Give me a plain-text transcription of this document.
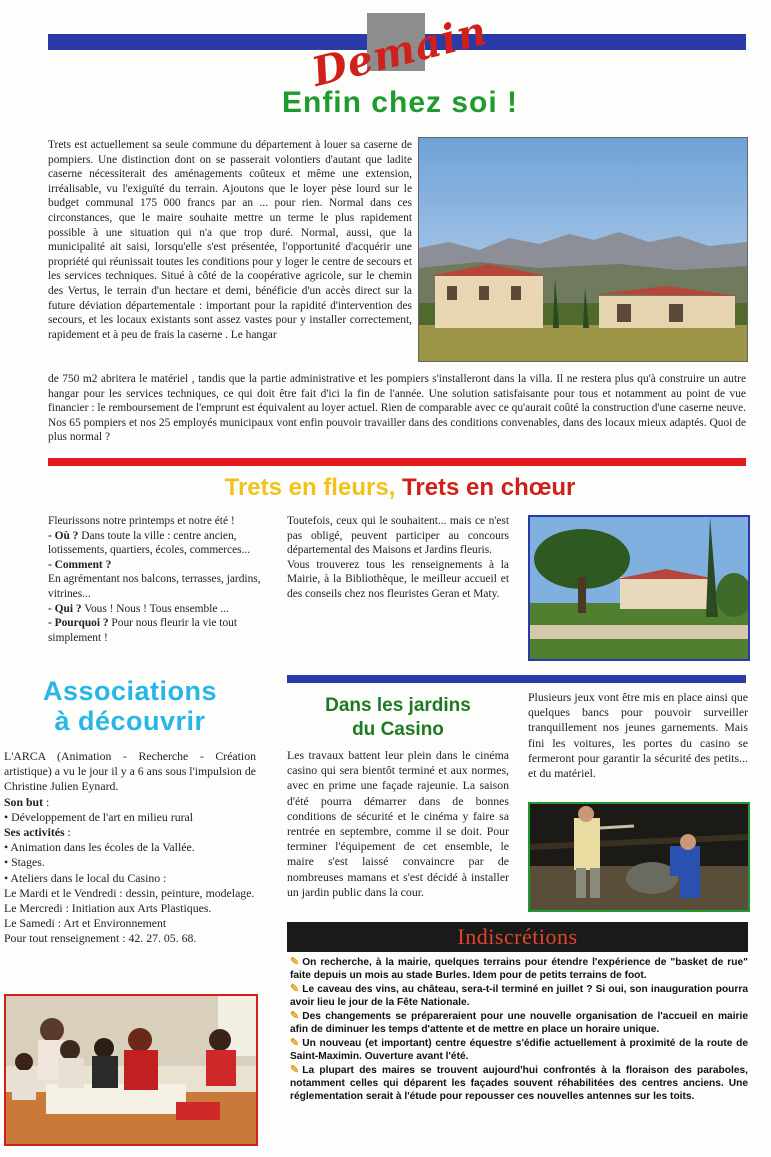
Demain
Enfin chez soi !
Trets est actuellement sa seule commune du département à louer sa caserne de pompiers. Une distinction dont on se passerait volontiers d'autant que ladite caserne nécessiterait des aménagements coûteux et même une extension, irréalisable, vu l'exiguïté du terrain. Ajoutons que le loyer pèse lourd sur le budget communal 175 000 francs par an ... pour rien. Normal dans ces circonstances, que le maire souhaite mettre un terme le plus rapidement possible à une situation qui n'a que trop duré. Normal, aussi, que la municipalité ait saisi, lorsqu'elle s'est présentée, l'opportunité d'acquérir une propriété qui réunissait toutes les conditions pour y loger le centre de secours et les services techniques. Situé à côté de la coopérative agricole, sur le chemin des Vertus, le terrain d'un hectare et demi, bénéficie d'un accès direct sur la future déviation départementale : important pour la rapidité d'intervention des secours, et les locaux existants sont assez vastes pour y installer correctement, rapidement et à peu de frais la caserne . Le hangar
de 750 m2 abritera le matériel , tandis que la partie administrative et les pompiers s'installeront dans la villa. Il ne restera plus qu'à construire un autre hangar pour les services techniques, ce qui doit être fait d'ici la fin de l'année. Une solution satisfaisante pour tous et notamment au point de vue financier : le remboursement de l'emprunt est équivalent au loyer actuel. Rien de comparable avec ce qu'aurait coûté la construction d'une caserne neuve. Nos 65 pompiers et nos 25 employés municipaux vont enfin pouvoir travailler dans des conditions convenables, dans des locaux mieux adaptés. Quoi de plus normal ?
Trets en fleurs, Trets en chœur
Fleurissons notre printemps et notre été !
- Où ? Dans toute la ville : centre ancien, lotissements, quartiers, écoles, commerces...
- Comment ?
En agrémentant nos balcons, terrasses, jardins, vitrines...
- Qui ? Vous ! Nous ! Tous ensemble ...
- Pourquoi ? Pour nous fleurir la vie tout simplement !
Toutefois, ceux qui le souhaitent... mais ce n'est pas obligé, peuvent participer au concours départemental des Maisons et Jardins fleuris.
Vous trouverez tous les renseignements à la Mairie, à la Bibliothèque, le meilleur accueil et des conseils chez nos fleuristes Geran et Maty.
Associations
à découvrir
L'ARCA (Animation - Recherche - Création artistique) a vu le jour il y a 6 ans sous l'impulsion de Christine Julien Eynard.
Son but :
• Développement de l'art en milieu rural
Ses activités :
• Animation dans les écoles de la Vallée.
• Stages.
• Ateliers dans le local du Casino :
Le Mardi et le Vendredi : dessin, peinture, modelage.
Le Mercredi : Initiation aux Arts Plastiques.
Le Samedi : Art et Environnement
Pour tout renseignement : 42. 27. 05. 68.
Dans les jardins
du Casino
Les travaux battent leur plein dans le cinéma casino qui sera bientôt terminé et aux normes, avec en prime une façade rajeunie. La saison d'été pourra démarrer dans de bonnes conditions de sécurité et le cinéma y faire sa rentrée en septembre, comme il se doit. Pour terminer l'équipement de cet ensemble, le maire s'est laissé convaincre par de nombreuses mamans et s'est décidé à installer un jardin public dans la cour.
Plusieurs jeux vont être mis en place ainsi que quelques bancs pour pouvoir surveiller tranquillement nos jeunes garnements. Mais fini les voitures, les portes du casino se fermeront pour garantir la sécurité des petits... et du matériel.
Indiscrétions
✎ On recherche, à la mairie, quelques terrains pour étendre l'expérience de "basket de rue" faite depuis un mois au stade Burles. Idem pour de petits terrains de foot.
✎ Le caveau des vins, au château, sera-t-il terminé en juillet ? Si oui, son inauguration pourra avoir lieu le jour de la Fête Nationale.
✎ Des changements se prépareraient pour une nouvelle organisation de l'accueil en mairie afin de diminuer les temps d'attente et de mettre en place un horaire unique.
✎ Un nouveau (et important) centre équestre s'édifie actuellement à proximité de la route de Saint-Maximin. Ouverture avant l'été.
✎ La plupart des maires se trouvent aujourd'hui confrontés à la floraison des paraboles, notamment celles qui déparent les façades souvent réhabilitées des centres anciens. Une réglementation serait à l'étude pour repousser ces nouvelles antennes sur les toits.
